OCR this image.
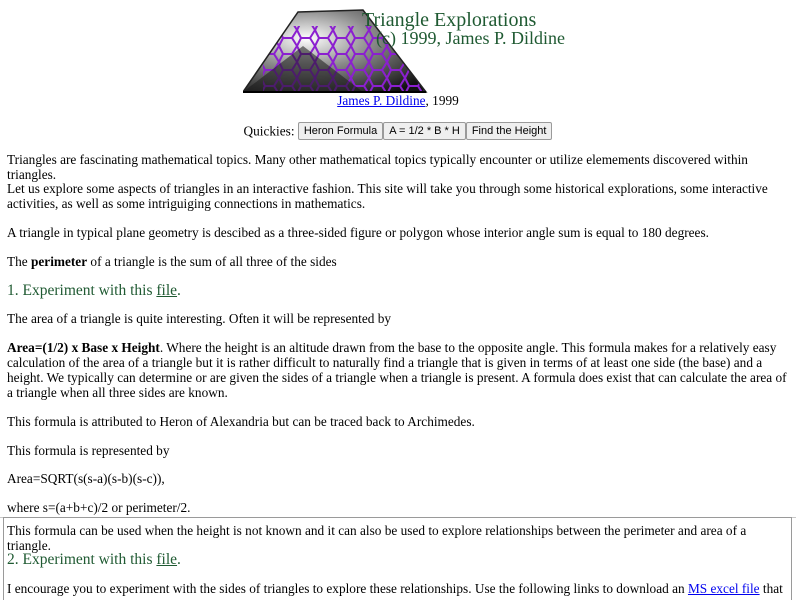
Triangle Explorations
(c) 1999, James P. Dildine
James P. Dildine, 1999
Quickies: Heron Formula A = 1/2 * B * H Find the Height

Triangles are fascinating mathematical topics. Many other mathematical topics typically encounter or utilize elemements discovered within triangles.

Let us explore some aspects of triangles in an interactive fashion. This site will take you through some historical explorations, some interactive activities, as well as some intriguiging connections in mathematics.

A triangle in typical plane geometry is descibed as a three-sided figure or polygon whose interior angle sum is equal to 180 degrees.

The perimeter of a triangle is the sum of all three of the sides

1. Experiment with this file.

The area of a triangle is quite interesting. Often it will be represented by

Area=(1/2) x Base x Height. Where the height is an altitude drawn from the base to the opposite angle. This formula makes for a relatively easy calculation of the area of a triangle but it is rather difficult to naturally find a triangle that is given in terms of at least one side (the base) and a height. We typically can determine or are given the sides of a triangle when a triangle is present. A formula does exist that can calculate the area of a triangle when all three sides are known.

This formula is attributed to Heron of Alexandria but can be traced back to Archimedes.

This formula is represented by

Area=SQRT(s(s-a)(s-b)(s-c)),

where s=(a+b+c)/2 or perimeter/2.

This formula can be used when the height is not known and it can also be used to explore relationships between the perimeter and area of a triangle.

2. Experiment with this file.

I encourage you to experiment with the sides of triangles to explore these relationships. Use the following links to download an MS excel file that
